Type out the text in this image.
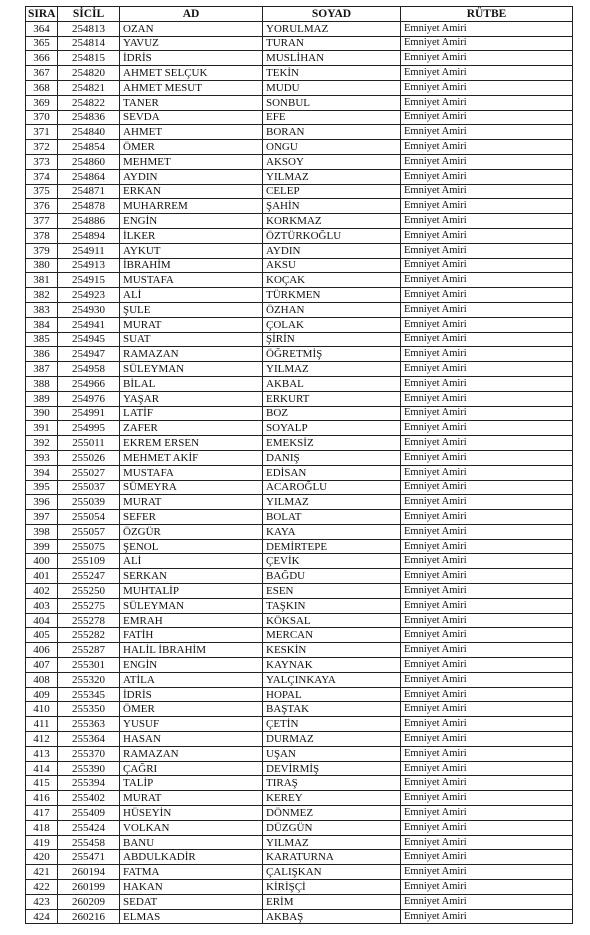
SIRA	SİCİL	AD	SOYAD	RÜTBE
364	254813	OZAN	YORULMAZ	Emniyet Amiri
365	254814	YAVUZ	TURAN	Emniyet Amiri
366	254815	İDRİS	MUSLİHAN	Emniyet Amiri
367	254820	AHMET SELÇUK	TEKİN	Emniyet Amiri
368	254821	AHMET MESUT	MUDU	Emniyet Amiri
369	254822	TANER	SONBUL	Emniyet Amiri
370	254836	SEVDA	EFE	Emniyet Amiri
371	254840	AHMET	BORAN	Emniyet Amiri
372	254854	ÖMER	ONGU	Emniyet Amiri
373	254860	MEHMET	AKSOY	Emniyet Amiri
374	254864	AYDIN	YILMAZ	Emniyet Amiri
375	254871	ERKAN	CELEP	Emniyet Amiri
376	254878	MUHARREM	ŞAHİN	Emniyet Amiri
377	254886	ENGİN	KORKMAZ	Emniyet Amiri
378	254894	İLKER	ÖZTÜRKOĞLU	Emniyet Amiri
379	254911	AYKUT	AYDIN	Emniyet Amiri
380	254913	İBRAHİM	AKSU	Emniyet Amiri
381	254915	MUSTAFA	KOÇAK	Emniyet Amiri
382	254923	ALİ	TÜRKMEN	Emniyet Amiri
383	254930	ŞULE	ÖZHAN	Emniyet Amiri
384	254941	MURAT	ÇOLAK	Emniyet Amiri
385	254945	SUAT	ŞİRİN	Emniyet Amiri
386	254947	RAMAZAN	ÖĞRETMİŞ	Emniyet Amiri
387	254958	SÜLEYMAN	YILMAZ	Emniyet Amiri
388	254966	BİLAL	AKBAL	Emniyet Amiri
389	254976	YAŞAR	ERKURT	Emniyet Amiri
390	254991	LATİF	BOZ	Emniyet Amiri
391	254995	ZAFER	SOYALP	Emniyet Amiri
392	255011	EKREM ERSEN	EMEKSİZ	Emniyet Amiri
393	255026	MEHMET AKİF	DANIŞ	Emniyet Amiri
394	255027	MUSTAFA	EDİSAN	Emniyet Amiri
395	255037	SÜMEYRA	ACAROĞLU	Emniyet Amiri
396	255039	MURAT	YILMAZ	Emniyet Amiri
397	255054	SEFER	BOLAT	Emniyet Amiri
398	255057	ÖZGÜR	KAYA	Emniyet Amiri
399	255075	ŞENOL	DEMİRTEPE	Emniyet Amiri
400	255109	ALİ	ÇEVİK	Emniyet Amiri
401	255247	SERKAN	BAĞDU	Emniyet Amiri
402	255250	MUHTALİP	ESEN	Emniyet Amiri
403	255275	SÜLEYMAN	TAŞKIN	Emniyet Amiri
404	255278	EMRAH	KÖKSAL	Emniyet Amiri
405	255282	FATİH	MERCAN	Emniyet Amiri
406	255287	HALİL İBRAHİM	KESKİN	Emniyet Amiri
407	255301	ENGİN	KAYNAK	Emniyet Amiri
408	255320	ATİLA	YALÇINKAYA	Emniyet Amiri
409	255345	İDRİS	HOPAL	Emniyet Amiri
410	255350	ÖMER	BAŞTAK	Emniyet Amiri
411	255363	YUSUF	ÇETİN	Emniyet Amiri
412	255364	HASAN	DURMAZ	Emniyet Amiri
413	255370	RAMAZAN	UŞAN	Emniyet Amiri
414	255390	ÇAĞRI	DEVİRMİŞ	Emniyet Amiri
415	255394	TALİP	TIRAŞ	Emniyet Amiri
416	255402	MURAT	KEREY	Emniyet Amiri
417	255409	HÜSEYİN	DÖNMEZ	Emniyet Amiri
418	255424	VOLKAN	DÜZGÜN	Emniyet Amiri
419	255458	BANU	YILMAZ	Emniyet Amiri
420	255471	ABDULKADİR	KARATURNA	Emniyet Amiri
421	260194	FATMA	ÇALIŞKAN	Emniyet Amiri
422	260199	HAKAN	KİRİŞÇİ	Emniyet Amiri
423	260209	SEDAT	ERİM	Emniyet Amiri
424	260216	ELMAS	AKBAŞ	Emniyet Amiri
